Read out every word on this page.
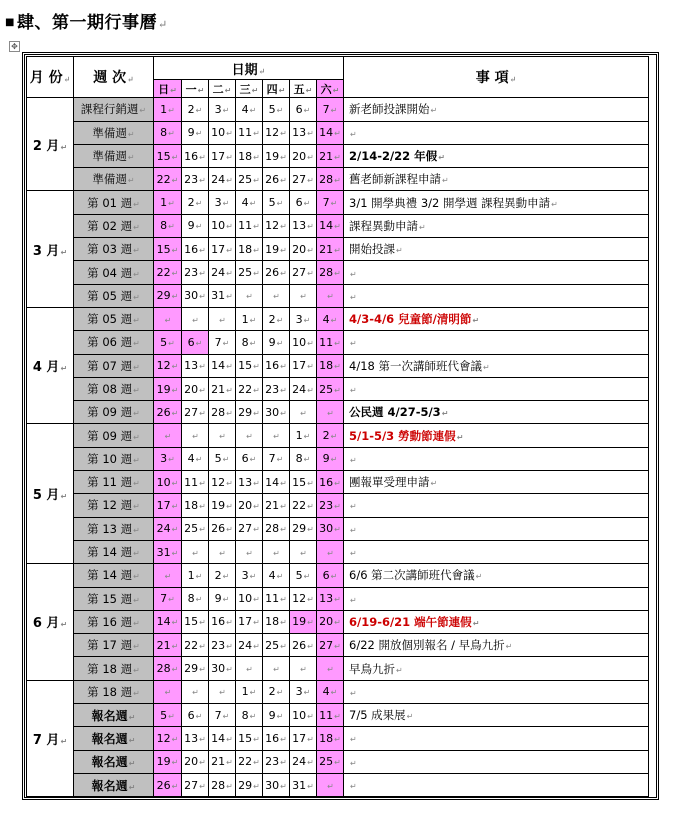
■ 肆、第一期行事曆↵
✥
月 份↵	週 次↵	日期↵							事 項↵
		日↵	一↵	二↵	三↵	四↵	五↵	六↵	
2 月↵	課程行銷週↵	1↵	2↵	3↵	4↵	5↵	6↵	7↵	新老師投課開始↵
	準備週↵	8↵	9↵	10↵	11↵	12↵	13↵	14↵	↵
	準備週↵	15↵	16↵	17↵	18↵	19↵	20↵	21↵	2/14-2/22 年假↵
	準備週↵	22↵	23↵	24↵	25↵	26↵	27↵	28↵	舊老師新課程申請↵
3 月↵	第 01 週↵	1↵	2↵	3↵	4↵	5↵	6↵	7↵	3/1 開學典禮 3/2 開學週 課程異動申請↵
	第 02 週↵	8↵	9↵	10↵	11↵	12↵	13↵	14↵	課程異動申請↵
	第 03 週↵	15↵	16↵	17↵	18↵	19↵	20↵	21↵	開始投課↵
	第 04 週↵	22↵	23↵	24↵	25↵	26↵	27↵	28↵	↵
	第 05 週↵	29↵	30↵	31↵	↵	↵	↵	↵	↵
4 月↵	第 05 週↵	↵	↵	↵	1↵	2↵	3↵	4↵	4/3-4/6 兒童節/清明節↵
	第 06 週↵	5↵	6↵	7↵	8↵	9↵	10↵	11↵	↵
	第 07 週↵	12↵	13↵	14↵	15↵	16↵	17↵	18↵	4/18 第一次講師班代會議↵
	第 08 週↵	19↵	20↵	21↵	22↵	23↵	24↵	25↵	↵
	第 09 週↵	26↵	27↵	28↵	29↵	30↵	↵	↵	公民週 4/27-5/3↵
5 月↵	第 09 週↵	↵	↵	↵	↵	↵	1↵	2↵	5/1-5/3 勞動節連假↵
	第 10 週↵	3↵	4↵	5↵	6↵	7↵	8↵	9↵	↵
	第 11 週↵	10↵	11↵	12↵	13↵	14↵	15↵	16↵	團報單受理申請↵
	第 12 週↵	17↵	18↵	19↵	20↵	21↵	22↵	23↵	↵
	第 13 週↵	24↵	25↵	26↵	27↵	28↵	29↵	30↵	↵
	第 14 週↵	31↵	↵	↵	↵	↵	↵	↵	↵
6 月↵	第 14 週↵	↵	1↵	2↵	3↵	4↵	5↵	6↵	6/6 第二次講師班代會議↵
	第 15 週↵	7↵	8↵	9↵	10↵	11↵	12↵	13↵	↵
	第 16 週↵	14↵	15↵	16↵	17↵	18↵	19↵	20↵	6/19-6/21 端午節連假↵
	第 17 週↵	21↵	22↵	23↵	24↵	25↵	26↵	27↵	6/22 開放個別報名 / 早鳥九折↵
	第 18 週↵	28↵	29↵	30↵	↵	↵	↵	↵	早鳥九折↵
7 月↵	第 18 週↵	↵	↵	↵	1↵	2↵	3↵	4↵	↵
	報名週↵	5↵	6↵	7↵	8↵	9↵	10↵	11↵	7/5 成果展↵
	報名週↵	12↵	13↵	14↵	15↵	16↵	17↵	18↵	↵
	報名週↵	19↵	20↵	21↵	22↵	23↵	24↵	25↵	↵
	報名週↵	26↵	27↵	28↵	29↵	30↵	31↵	↵	↵
